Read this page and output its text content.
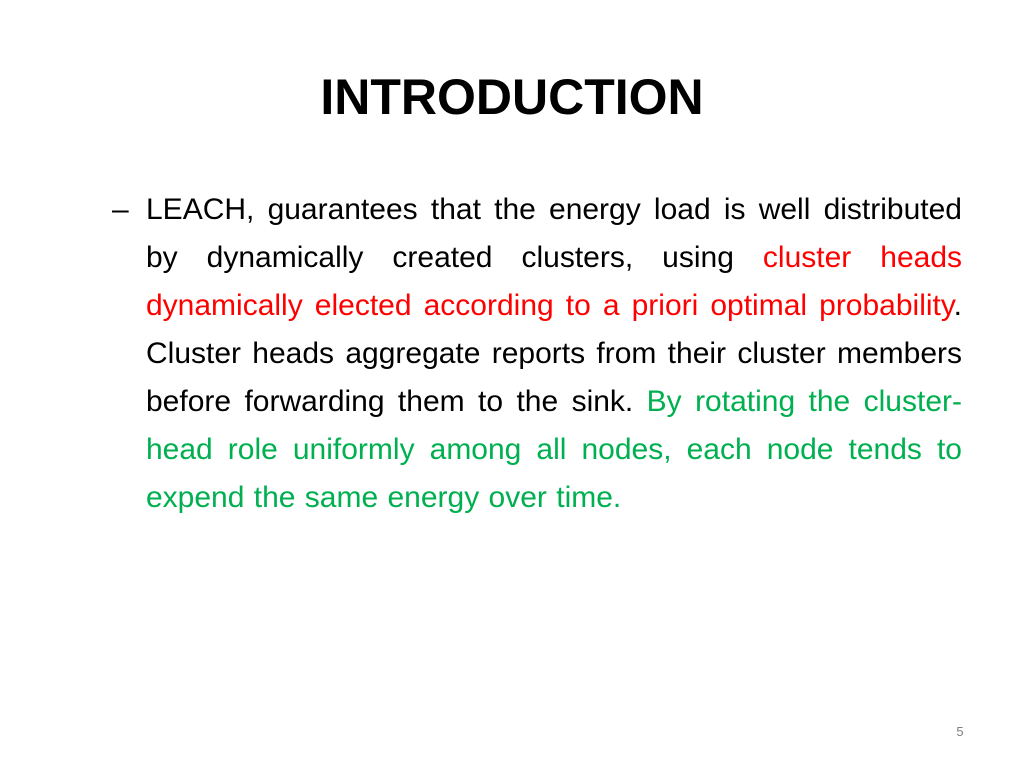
INTRODUCTION
– LEACH, guarantees that the energy load is well distributed by dynamically created clusters, using cluster heads dynamically elected according to a priori optimal probability. Cluster heads aggregate reports from their cluster members before forwarding them to the sink. By rotating the cluster-head role uniformly among all nodes, each node tends to expend the same energy over time.
5
